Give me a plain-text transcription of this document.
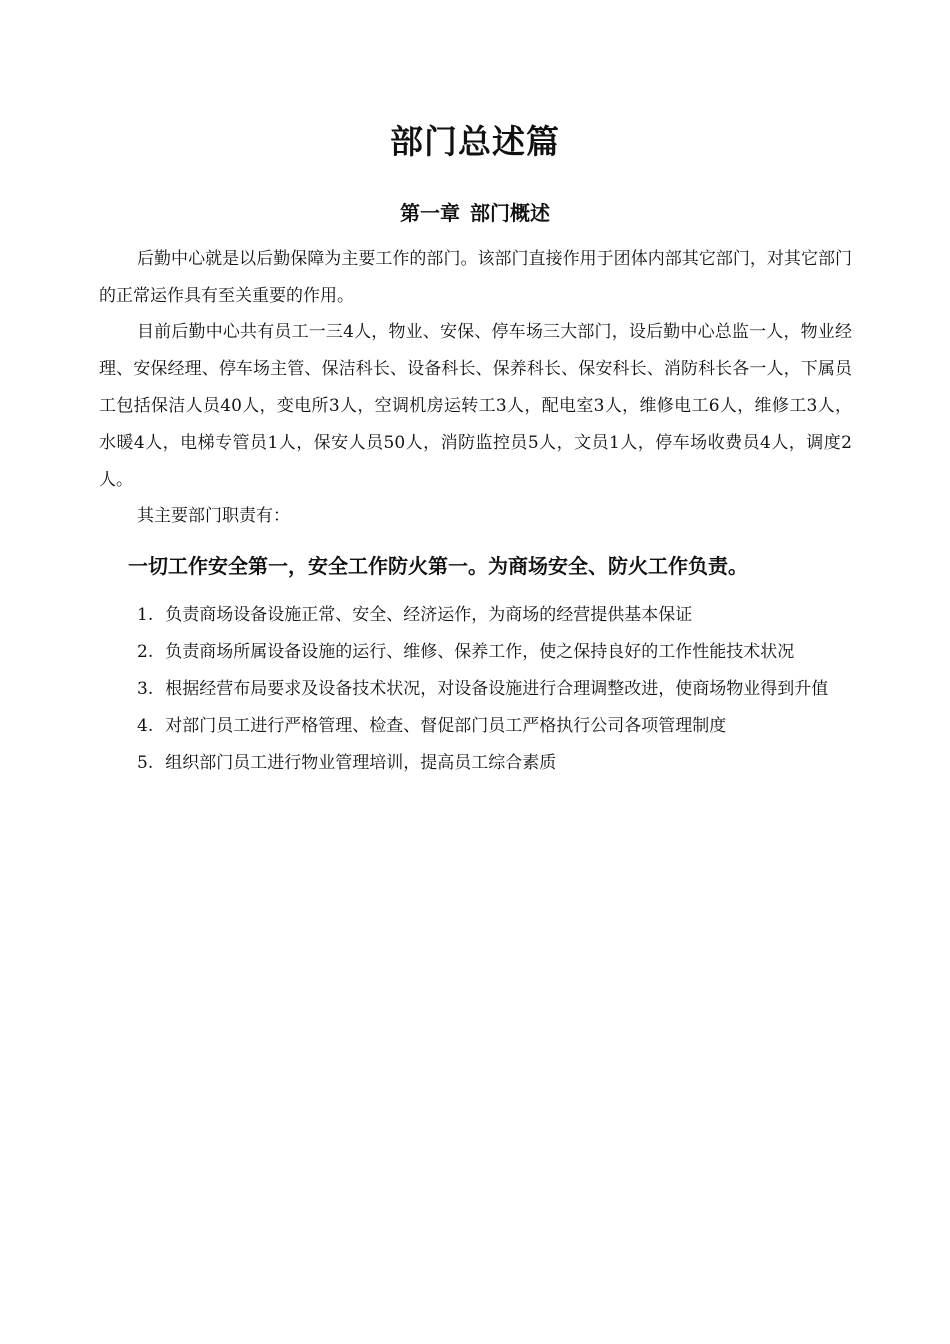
部门总述篇
第一章 部门概述

后勤中心就是以后勤保障为主要工作的部门。该部门直接作用于团体内部其它部门，对其它部门的正常运作具有至关重要的作用。

目前后勤中心共有员工一三4人，物业、安保、停车场三大部门，设后勤中心总监一人，物业经理、安保经理、停车场主管、保洁科长、设备科长、保养科长、保安科长、消防科长各一人，下属员工包括保洁人员40人，变电所3人，空调机房运转工3人，配电室3人，维修电工6人，维修工3人，水暖4人，电梯专管员1人，保安人员50人，消防监控员5人，文员1人，停车场收费员4人，调度2人。

其主要部门职责有：

一切工作安全第一，安全工作防火第一。为商场安全、防火工作负责。
1. 负责商场设备设施正常、安全、经济运作，为商场的经营提供基本保证
2. 负责商场所属设备设施的运行、维修、保养工作，使之保持良好的工作性能技术状况
3. 根据经营布局要求及设备技术状况，对设备设施进行合理调整改进，使商场物业得到升值
4. 对部门员工进行严格管理、检查、督促部门员工严格执行公司各项管理制度
5. 组织部门员工进行物业管理培训，提高员工综合素质
